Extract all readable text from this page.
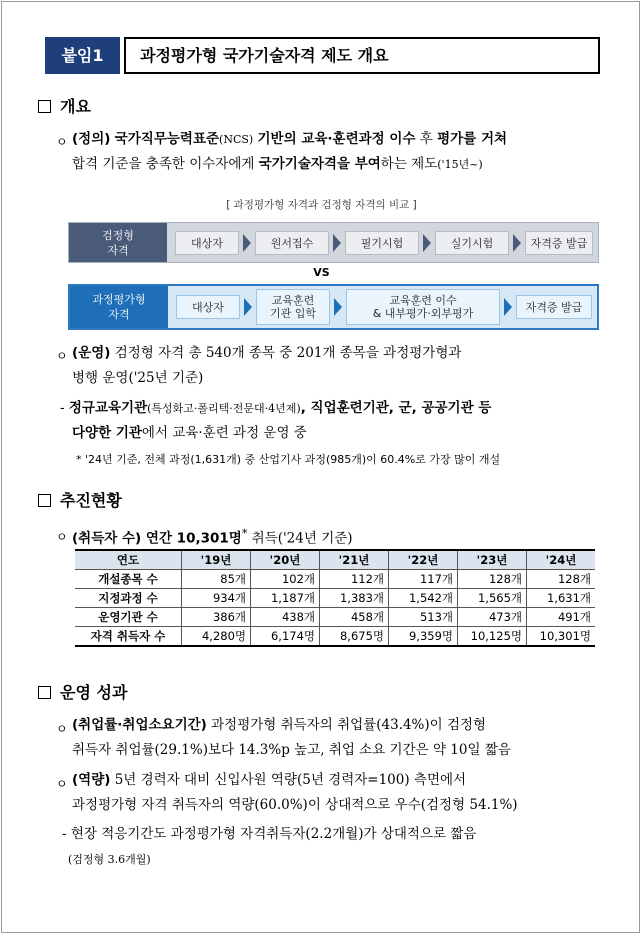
붙임1	과정평가형 국가기술자격 제도 개요
개요
ㅇ (정의) 국가직무능력표준(NCS) 기반의 교육·훈련과정 이수 후 평가를 거쳐
합격 기준을 충족한 이수자에게 국가기술자격을 부여하는 제도('15년~)
[ 과정평가형 자격과 검정형 자격의 비교 ]
검정형
자격
대상자	원서접수	필기시험	실기시험	자격증 발급
VS
과정평가형
자격
대상자	교육훈련
기관 입학
교육훈련 이수
& 내부평가·외부평가	자격증 발급
ㅇ (운영) 검정형 자격 총 540개 종목 중 201개 종목을 과정평가형과
병행 운영('25년 기준)
- 정규교육기관(특성화고·폴리텍·전문대·4년제), 직업훈련기관, 군, 공공기관 등
다양한 기관에서 교육·훈련 과정 운영 중
* '24년 기준, 전체 과정(1,631개) 중 산업기사 과정(985개)이 60.4%로 가장 많이 개설
추진현황
ㅇ (취득자 수) 연간 10,301명* 취득('24년 기준)
연도	'19년	'20년	'21년	'22년	'23년	'24년
개설종목 수	85개	102개	112개	117개	128개	128개
지정과정 수	934개	1,187개	1,383개	1,542개	1,565개	1,631개
운영기관 수	386개	438개	458개	513개	473개	491개
자격 취득자 수	4,280명	6,174명	8,675명	9,359명	10,125명	10,301명
운영 성과
ㅇ (취업률·취업소요기간) 과정평가형 취득자의 취업률(43.4%)이 검정형
취득자 취업률(29.1%)보다 14.3%p 높고, 취업 소요 기간은 약 10일 짧음
ㅇ (역량) 5년 경력자 대비 신입사원 역량(5년 경력자=100) 측면에서
과정평가형 자격 취득자의 역량(60.0%)이 상대적으로 우수(검정형 54.1%)
- 현장 적응기간도 과정평가형 자격취득자(2.2개월)가 상대적으로 짧음
(검정형 3.6개월)
